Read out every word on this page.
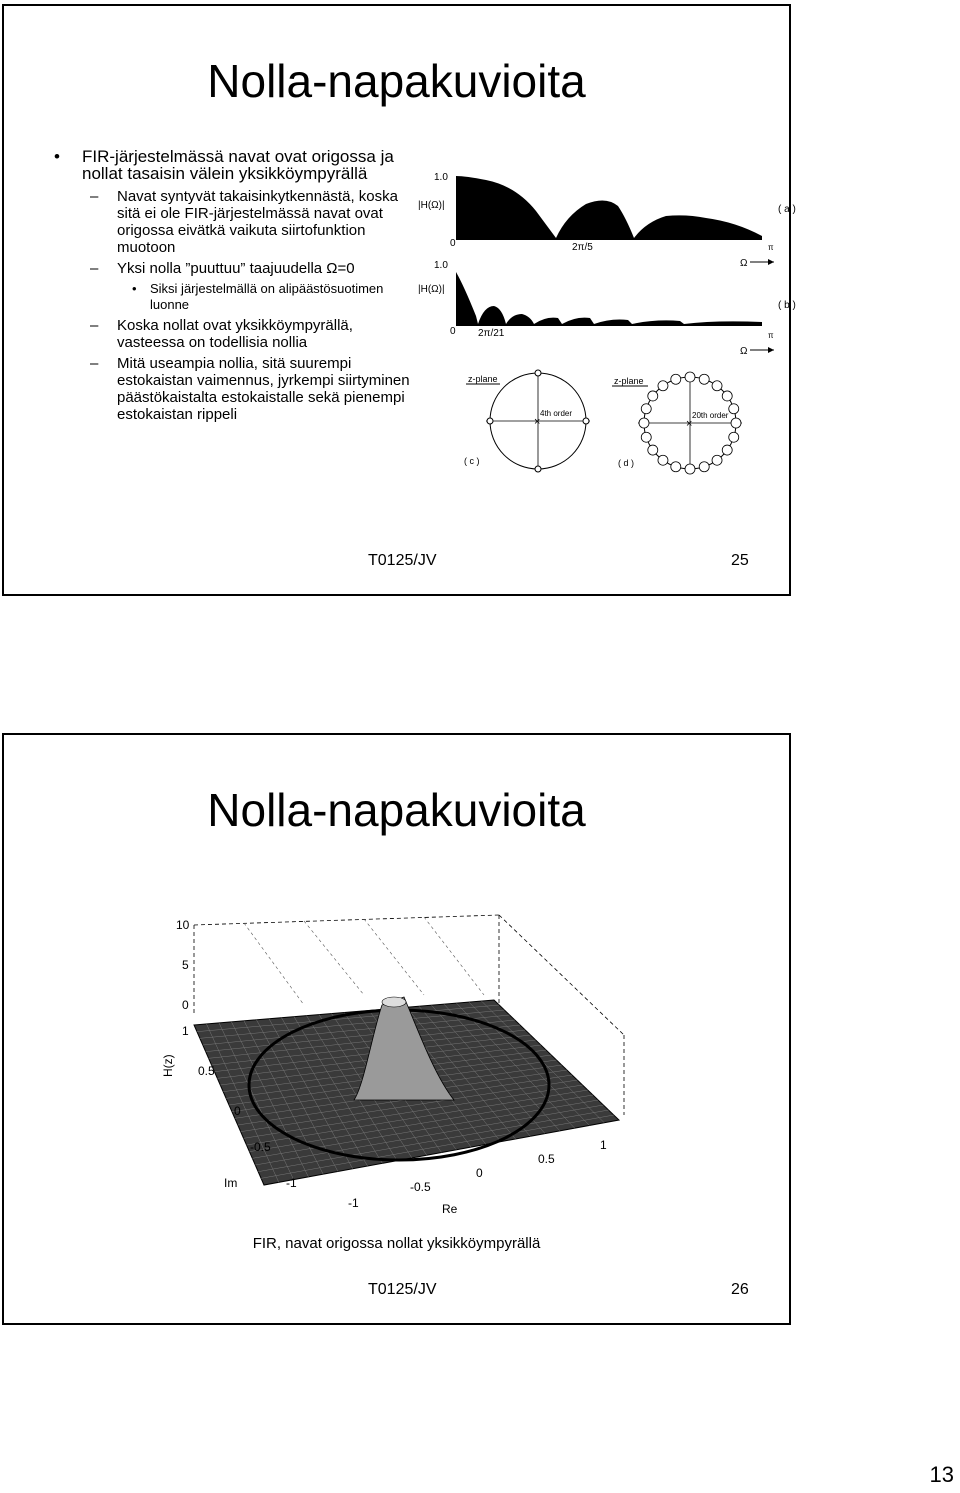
Nolla-napakuvioita
• FIR-järjestelmässä navat ovat origossa ja nollat tasaisin välein yksikköympyrällä
– Navat syntyvät takaisinkytkennästä, koska sitä ei ole FIR-järjestelmässä navat ovat origossa eivätkä vaikuta siirtofunktion muotoon
– Yksi nolla ”puuttuu” taajuudella Ω=0
• Siksi järjestelmällä on alipäästösuotimen luonne
– Koska nollat ovat yksikköympyrällä, vasteessa on todellisia nollia
– Mitä useampia nollia, sitä suurempi estokaistan vaimennus, jyrkempi siirtyminen päästökaistalta estokaistalle sekä pienempi estokaistan rippeli
1.0
|H(Ω)|
0	2π/5
Ω
π
( a )
1.0
|H(Ω)|
0 2π/21
Ω
π
( b )
z-plane
×
4th order
( c )
z-plane
×
20th order
( d )
T0125/JV	25
Nolla-napakuvioita
H(z)
10
5
0
1
0.5
0
-0.5
-1
Im
-1
-0.5
0
0.5
1
Re
FIR, navat origossa nollat yksikköympyrällä
T0125/JV	26
13
